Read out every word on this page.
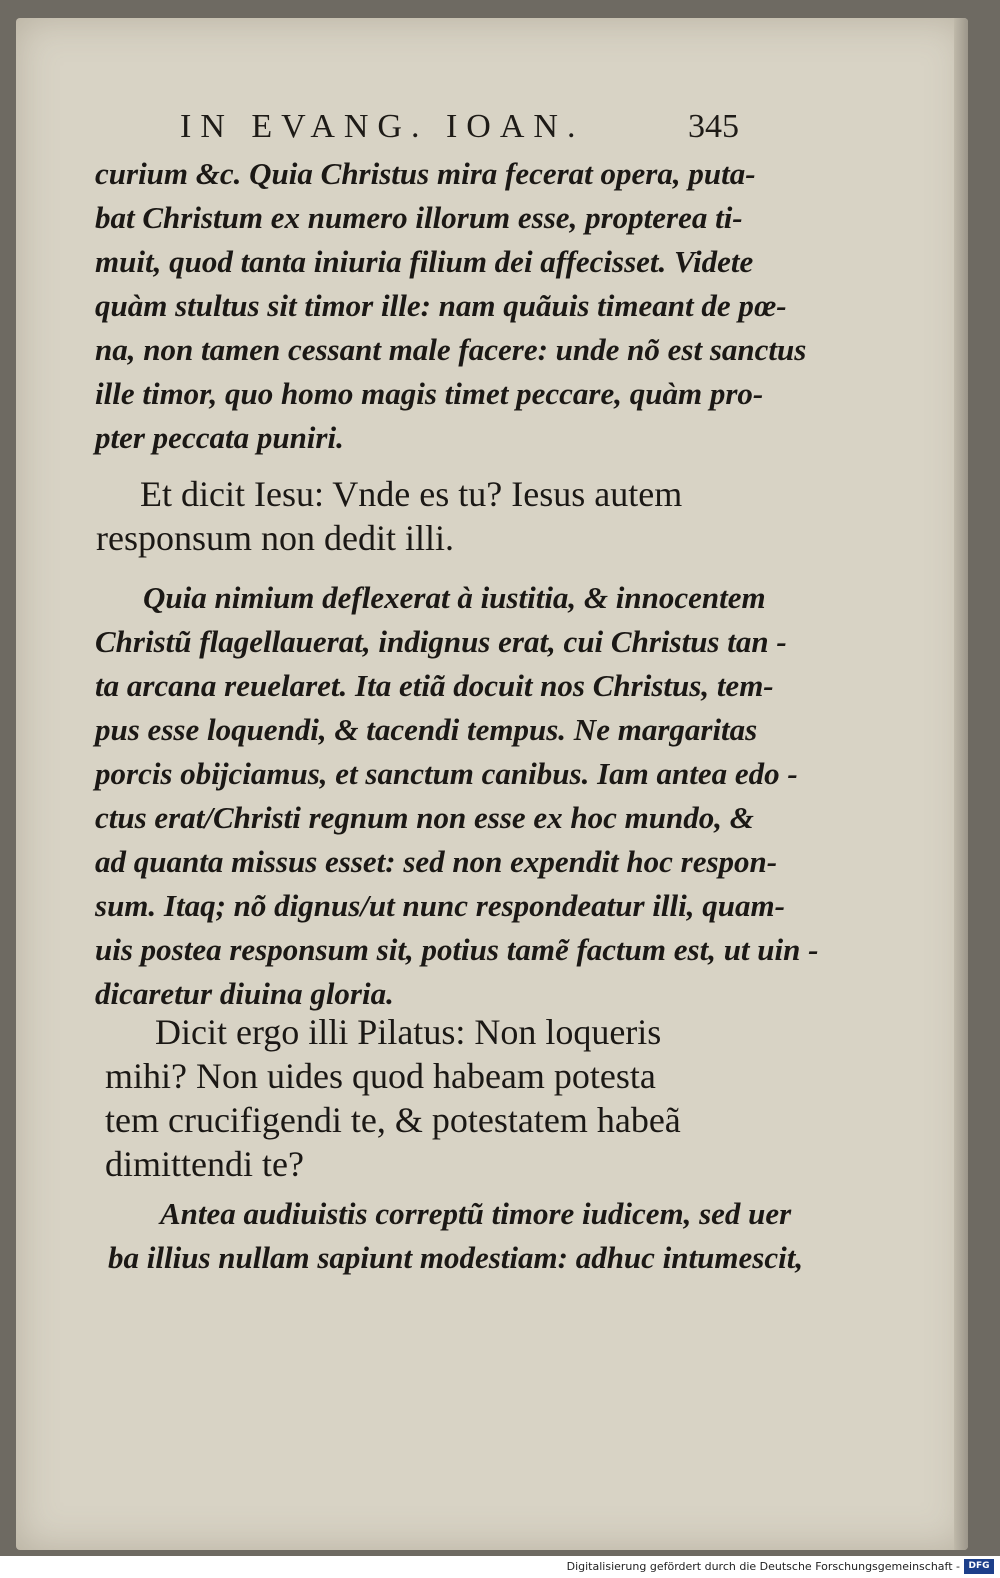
IN EVANG. IOAN.	345
curium &c. Quia Christus mira fecerat opera, puta-
bat Christum ex numero illorum esse, propterea ti-
muit, quod tanta iniuria filium dei affecisset. Videte
quàm stultus sit timor ille: nam quãuis timeant de pœ-
na, non tamen cessant male facere: unde nõ est sanctus
ille timor, quo homo magis timet peccare, quàm pro-
pter peccata puniri.
Et dicit Iesu: Vnde es tu? Iesus autem
responsum non dedit illi.
Quia nimium deflexerat à iustitia, & innocentem
Christũ flagellauerat, indignus erat, cui Christus tan -
ta arcana reuelaret. Ita etiã docuit nos Christus, tem-
pus esse loquendi, & tacendi tempus. Ne margaritas
porcis obijciamus, et sanctum canibus. Iam antea edo -
ctus erat/Christi regnum non esse ex hoc mundo, &
ad quanta missus esset: sed non expendit hoc respon-
sum. Itaq; nõ dignus/ut nunc respondeatur illi, quam-
uis postea responsum sit, potius tamẽ factum est, ut uin -
dicaretur diuina gloria.
Dicit ergo illi Pilatus: Non loqueris
mihi? Non uides quod habeam potesta
tem crucifigendi te, & potestatem habeã
dimittendi te?
Antea audiuistis correptũ timore iudicem, sed uer
ba illius nullam sapiunt modestiam: adhuc intumescit,
Digitalisierung gefördert durch die Deutsche Forschungsgemeinschaft - DFG
